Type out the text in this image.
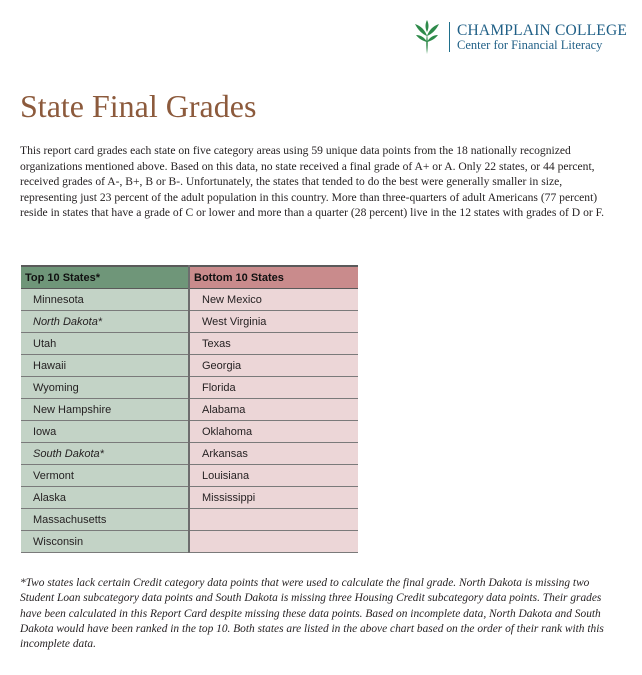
CHAMPLAIN COLLEGE
Center for Financial Literacy
State Final Grades

This report card grades each state on five category areas using 59 unique data points from the 18 nationally recognized organizations mentioned above. Based on this data, no state received a final grade of A+ or A. Only 22 states, or 44 percent, received grades of A-, B+, B or B-. Unfortunately, the states that tended to do the best were generally smaller in size, representing just 23 percent of the adult population in this country. More than three-quarters of adult Americans (77 percent) reside in states that have a grade of C or lower and more than a quarter (28 percent) live in the 12 states with grades of D or F.

Top 10 States*	Bottom 10 States
Minnesota	New Mexico
North Dakota*	West Virginia
Utah	Texas
Hawaii	Georgia
Wyoming	Florida
New Hampshire	Alabama
Iowa	Oklahoma
South Dakota*	Arkansas
Vermont	Louisiana
Alaska	Mississippi
Massachusetts	
Wisconsin	

*Two states lack certain Credit category data points that were used to calculate the final grade. North Dakota is missing two Student Loan subcategory data points and South Dakota is missing three Housing Credit subcategory data points. Their grades have been calculated in this Report Card despite missing these data points. Based on incomplete data, North Dakota and South Dakota would have been ranked in the top 10. Both states are listed in the above chart based on the order of their rank with this incomplete data.
